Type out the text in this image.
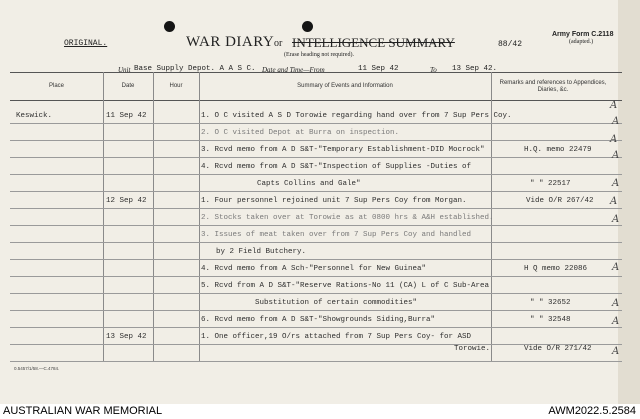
ORIGINAL.	WAR DIARY or INTELLIGENCE SUMMARY
(Erase heading not required).
88/42
Army Form C.2118
(adapted.)
Unit Base Supply Depot. A A S C. Date and Time—From	11 Sep 42	To 13 Sep 42.
Place	Date	Hour	Summary of Events and Information	Remarks and references to Appendices, Diaries, &c.
Keswick.	11 Sep 42	1. O C visited A S D Torowie regarding hand over from 7 Sup Pers Coy.
2. O C visited Depot at Burra on inspection.
3. Rcvd memo from A D S&T-"Temporary Establishment-DID Mocrock"	H.Q. memo 22479
4. Rcvd memo from A D S&T-"Inspection of Supplies -Duties of
Capts Collins and Gale"	" " 22517
12 Sep 42	1. Four personnel rejoined unit 7 Sup Pers Coy from Morgan.	Vide O/R 267/42
2. Stocks taken over at Torowie as at 0800 hrs & A&H established.
3. Issues of meat taken over from 7 Sup Pers Coy and handled
by 2 Field Butchery.
4. Rcvd memo from A Sch-"Personnel for New Guinea"	H Q memo 22086
5. Rcvd from A D S&T-"Reserve Rations-No 11 (CA) L of C Sub-Area
Substitution of certain commodities"	" " 32652
6. Rcvd memo from A D S&T-"Showgrounds Siding,Burra"	" " 32548
13 Sep 42	1. One officer,19 O/rs attached from 7 Sup Pers Coy- for ASD
Torowie.	Vide O/R 271/42
A
A
A
A
A
A
A
A
A
A
A
0.5457/1/58.—C.4784.
AUSTRALIAN WAR MEMORIAL	AWM2022.5.2584
